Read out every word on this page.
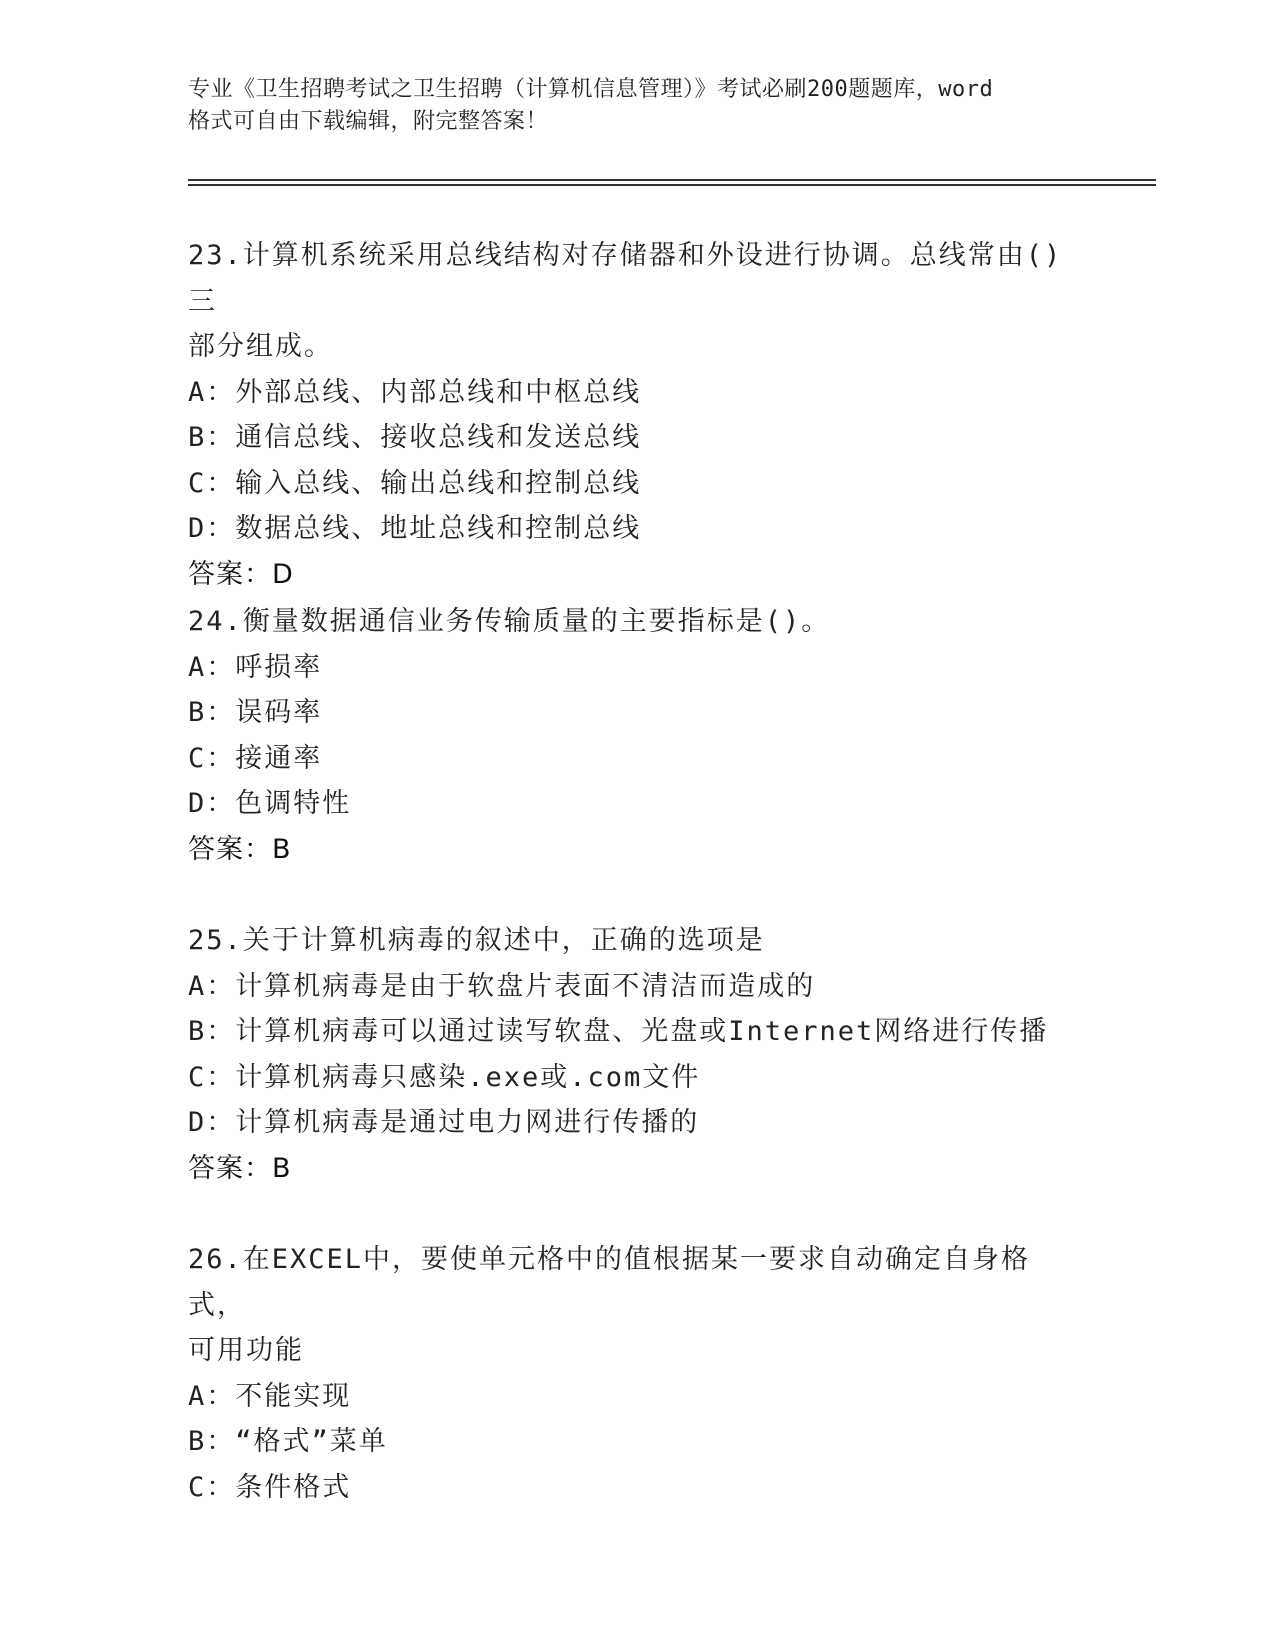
专业《卫生招聘考试之卫生招聘（计算机信息管理）》考试必刷200题题库，word
格式可自由下载编辑，附完整答案！

23.计算机系统采用总线结构对存储器和外设进行协调。总线常由()三

部分组成。

A：外部总线、内部总线和中枢总线

B：通信总线、接收总线和发送总线

C：输入总线、输出总线和控制总线

D：数据总线、地址总线和控制总线

答案：D

24.衡量数据通信业务传输质量的主要指标是()。

A：呼损率

B：误码率

C：接通率

D：色调特性

答案：B

25.关于计算机病毒的叙述中，正确的选项是

A：计算机病毒是由于软盘片表面不清洁而造成的

B：计算机病毒可以通过读写软盘、光盘或Internet网络进行传播

C：计算机病毒只感染.exe或.com文件

D：计算机病毒是通过电力网进行传播的

答案：B

26.在EXCEL中，要使单元格中的值根据某一要求自动确定自身格式，

可用功能

A：不能实现

B：“格式”菜单

C：条件格式
